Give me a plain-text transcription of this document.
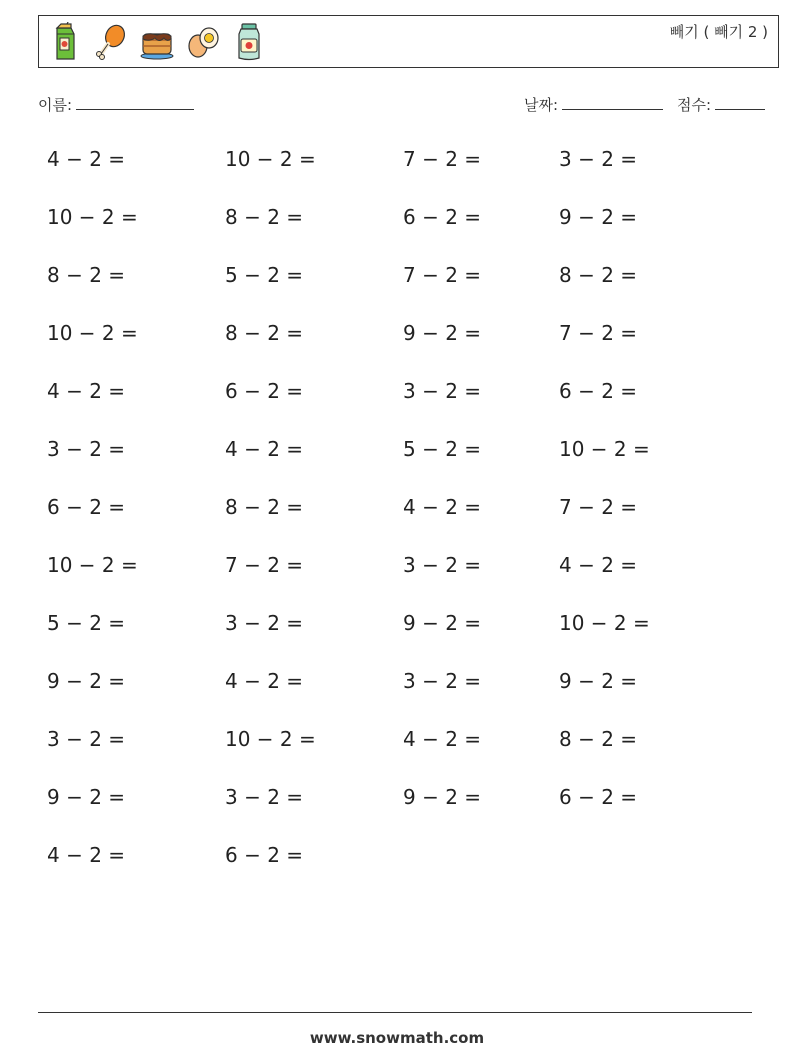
빼기 ( 빼기 2 )
이름:	날짜:	점수:
4 − 2 =	10 − 2 =	7 − 2 =	3 − 2 =
10 − 2 =	8 − 2 =	6 − 2 =	9 − 2 =
8 − 2 =	5 − 2 =	7 − 2 =	8 − 2 =
10 − 2 =	8 − 2 =	9 − 2 =	7 − 2 =
4 − 2 =	6 − 2 =	3 − 2 =	6 − 2 =
3 − 2 =	4 − 2 =	5 − 2 =	10 − 2 =
6 − 2 =	8 − 2 =	4 − 2 =	7 − 2 =
10 − 2 =	7 − 2 =	3 − 2 =	4 − 2 =
5 − 2 =	3 − 2 =	9 − 2 =	10 − 2 =
9 − 2 =	4 − 2 =	3 − 2 =	9 − 2 =
3 − 2 =	10 − 2 =	4 − 2 =	8 − 2 =
9 − 2 =	3 − 2 =	9 − 2 =	6 − 2 =
4 − 2 =	6 − 2 =
www.snowmath.com
